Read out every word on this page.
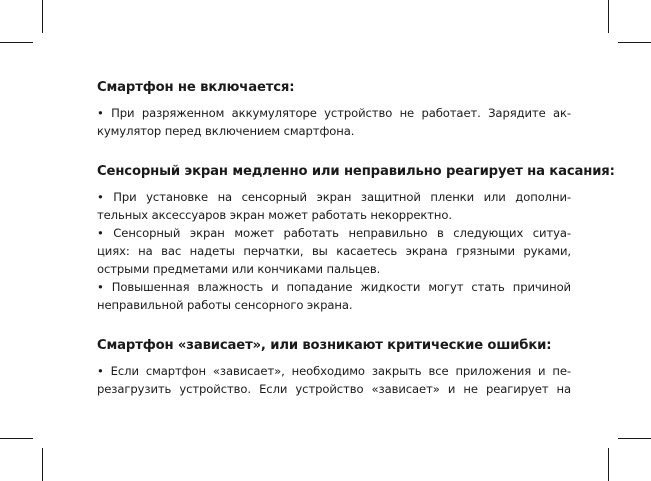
Смартфон не включается:

• При разряженном аккумуляторе устройство не работает. Зарядите ак-
кумулятор перед включением смартфона.

Сенсорный экран медленно или неправильно реагирует на касания:

• При установке на сенсорный экран защитной пленки или дополни-
тельных аксессуаров экран может работать некорректно.

• Сенсорный экран может работать неправильно в следующих ситуа-
циях: на вас надеты перчатки, вы касаетесь экрана грязными руками,
острыми предметами или кончиками пальцев.

• Повышенная влажность и попадание жидкости могут стать причиной
неправильной работы сенсорного экрана.

Смартфон «зависает», или возникают критические ошибки:

• Если смартфон «зависает», необходимо закрыть все приложения и пе-
резагрузить устройство. Если устройство «зависает» и не реагирует на
